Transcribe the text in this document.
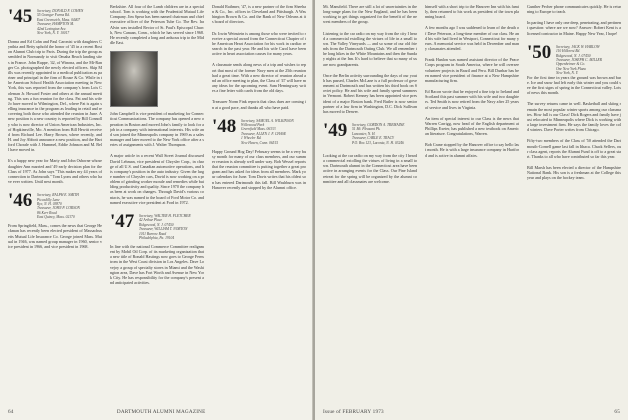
'45 Secretary, DONALD F. COHEN
55 Granger Farms Rd.
East Greenwich, Mass. 04407
Treasurer, HAMPTON M.
42nd Lexington Ave.
New York, N. Y. 10017
Donna and Ed Cohn and Paul Caronisi with daughters Cynthia and Betty uphold the honor of '45 in a recent Boston Alumni Club trip to Paris. During the trip the group assembled in Normandy to visit Omaha Beach landing sites in France. John Ruppe, '42, of Winona, and the Mi-Ranger Co. photographed the newly elected officers. Skip Mills was recently appointed to a medical publication as partner and principal in the firm of Rouse & Co. While in the American School Health Association meeting in New York, this was reported from the company's from Lois Coleman Jr. Howard Foster and others at the annual meeting. This was a fun reunion for the class. Pat and his wife Jo have moved to Wilmington, Del., where Pat is again selling insurance in the program as leading in retail and recovering both those who attended the reunion in June. A new position is a new country is reported by Bill Connolly who is now director of Union American Industries, Inc. of Hopkinsville, Mo. A mention from Bill Hewitt received from Richard Lee. Harry Brown, where recently, and H. and Joy Abbott announce a new position, and the Hartford Chorale with J. Hummel, Eddie Johnson and M. Bell have moved in.
It's a happy new year for Marty and John Osborne whose daughter Ann married and '49 early decision plan for the Class of 1977. As John says "This makes my 44 years of connection to Dartmouth." Tom Lyons and others who have ever written. Until next month.
'46 Secretary, RALPH E. SMITH
Piccadilly Lane
Rye, N. H. 03870
Treasurer, JOHN P. CORSON
86 Kerr Road
East Quincy, Mass. 02170
From Springfield, Mass., comes the news that George Heckman has recently been elected president of Massachusetts Mutual Life Insurance Co. George joined Mass. Mutual in 1946, was named group manager in 1960, senior vice president in 1966, and vice president in 1968.
Berkshire. All four of the Lamb children are in a special school. Tom is working with the Prudential Mutual Life Company. Jim Spear has been named chairman and chief executive officer of the Peterson Tube Co. The Rev. Ira Alvin was installed Rector of St. Paul's Episcopal Church, New Canaan, Conn., which he has served since 1968. He recently completed a long and arduous trip to the Middle East.
John Campbell is vice president of marketing for Connecticut Communications. The company has opened a new operation in Boston and moved John's family to look for a job in a company with international interests. His wife and son joined the Minneapolis company in 1969 as a sales manager and later moved to the New York office after a series of assignments with J. Walter Thompson.
A major article in a recent Wall Street Journal discussed David Lehman, vice president of Chrysler Corp., in charge of all U.S. and Canadian automotive operations, and his company's position in the auto industry. Given the large number of Chrysler cars, David is now working on a problem of grinding worker morale and remedies while building productivity and quality. Since 1970 the company has been at work on changes. Through David's various contacts, he was named to the board of Ford Motor Co. and named executive vice president at Ford in 1972.
'47 Secretary, WALTER H. FLETCHER
42 Arthur Place
Ridgewood, N. J. 07450
Treasurer, WILLIAM T. NORTON
1011 Barrow Road
Philadelphia, Pa. 19104
In line with the national Commerce Committee realignment by Mobil Oil Corp. of its marketing organization that a new title of Ronald Hastings now goes to George Fernstrom in the West Coast division in Los Angeles. Dave Lovejoy a group of specialty stores in Miami and the Washington area, Dave has Fort Worth and Avenue in New York City. He has responsibility for the company's present and anticipated activities.
Donald Rathmer, '47, is a new partner of the firm Sheehan & Co., Inc. offices in Cleveland and Pittsburgh. A Washington Brown & Co. and the Bank of New Orleans at its board of directors.
Dr. Irwin Weinstein is among those who were invited to receive a special award from the Connecticut Chapter of the American Heart Association for his work in cardiac research in the past year. He and his wife Carol have been active in heart association causes for many years.
A classmate sends along news of a trip and wishes to report that most of the former Navy men at the 25th reunion had a great time. With a new director of reunion ahead and an office meeting to plan, the Class of '47 will have many ideas for the upcoming event. Sam Hemingway writes a fine letter with cards from the old days.
Treasurer Norm Fink reports that class dues are coming in at a good pace, and thanks all who have paid.
'48 Secretary, SAMUEL A. WILKINSON
Willowood Park
Greenfield Mass. 06333
Treasurer, ALLEN J. F. CHASE
1 Wheeler Rd.
New Haven, Conn. 06515
Happy Ground Hog Day! February seems to be a very busy month for many of our class members, and our summer reunion is already well under way. Bob Wessel reports that the reunion committee is putting together a great program and has asked for ideas from all members. Mark your calendars for June. Tom Davis writes that his oldest son has entered Dartmouth this fall. Bill Washburn was in Hanover recently and stopped by the Alumni office.
64	DARTMOUTH ALUMNI MAGAZINE
Mt. Mansfield. There are still a lot of uncertainties in the long-range plans for the New England, and he has been working to get things organized for the benefit of the newest members of the group.
Listening to the car radio on my way from the city I heard a commercial extolling the virtues of life in a small town. The Valley Vineyards — and so some of our old friends from the Dartmouth Outing Club. We all remember the long hikes in the White Mountains and then the Sunday nights at the Inn. It's hard to believe that so many of us are now grandparents.
Once the Berlin activity surrounding the days of our youth has passed, Charles McLane is a full professor of government at Dartmouth and has written his third book on Soviet policy. He and his wife and family spend summers in Vermont. Robert Kenney has been appointed vice president of a major Boston bank. Fred Butler is now senior partner of a law firm in Washington, D.C. Dick Sullivan has moved to Denver.
'49 Secretary, GORDON A. TREMAINE
51 Mt. Pleasant Pk.
Lancaster, N. H.
Treasurer, CARLE E. TRACY
P.O. Box 123, Laconia, N. H. 03246
Looking at the car radio on my way from the city I heard a commercial extolling the virtues of living in a small town. Dartmouth alumni in the Connecticut area have been active in arranging events for the Class. Our Pine Island retreat for the spring will be organized by the alumni committee and all classmates are welcome.
himself with a short trip to the Hanover Inn with his family, then returned to his work as president of the town planning board.
A few months ago I was saddened to learn of the death of Dave Peterson, a long-time member of our class. He and his wife had lived in Westport, Connecticut for many years. A memorial service was held in December and many classmates attended.
Frank Hanlon was named assistant director of the Peace Corps program in South America, where he will oversee volunteer projects in Brazil and Peru. Bill Dunbar has been named vice president of finance at a New Hampshire manufacturing firm.
Ed Bacon wrote that he enjoyed a fine trip to Ireland and Scotland this past summer with his wife and two daughters. Ted Smith is now retired from the Navy after 25 years of service and lives in Virginia.
An item of special interest to our Class is the news that Warren Carrigg, now head of the English department at Phillips Exeter, has published a new textbook on American literature. Congratulations, Warren.
Bob Crane stopped by the Hanover office to say hello last month. He is with a large insurance company in Hartford and is active in alumni affairs.
Gunther Pecher phone communicates quickly. He is returning to Europe to teach.
In parting I have only one deep, penetrating, and pertinent question: where are we now? Answer: Robert Kent is a licensed contractor in Maine. Happy New Year, I hope!
'50 Secretary, JACK W. HARLOW
110 Hillcrest Rd.
Ridgewood, N. J. 07450
Treasurer, JOSEPH C. MILLER
Oppenheimer & Co.
One New York Plaza
New York, N. Y.
For the first time in years the ground was brown and bare. Ice and snow had left early this winter and you could see the first signs of spring in the Connecticut valley. Lots of news this month.
The survey returns came in well. Basketball and skiing remain the most popular winter sports among our classmates. How full is our Class! Dick Rogers and family have just relocated to Minneapolis where Dick is working with a large investment firm. He says the family loves the cold winters. Dave Porter writes from Chicago.
Fifty-two members of the Class of '50 attended the Dartmouth-Cornell game last fall in Ithaca. Chuck Sellers, our class agent, reports the Alumni Fund is off to a great start. Thanks to all who have contributed so far this year.
Bill Marsh has been elected a director of the Hampshire National Bank. His son is a freshman at the College this year and plays on the hockey team.
Issue of FEBRUARY 1973	65
